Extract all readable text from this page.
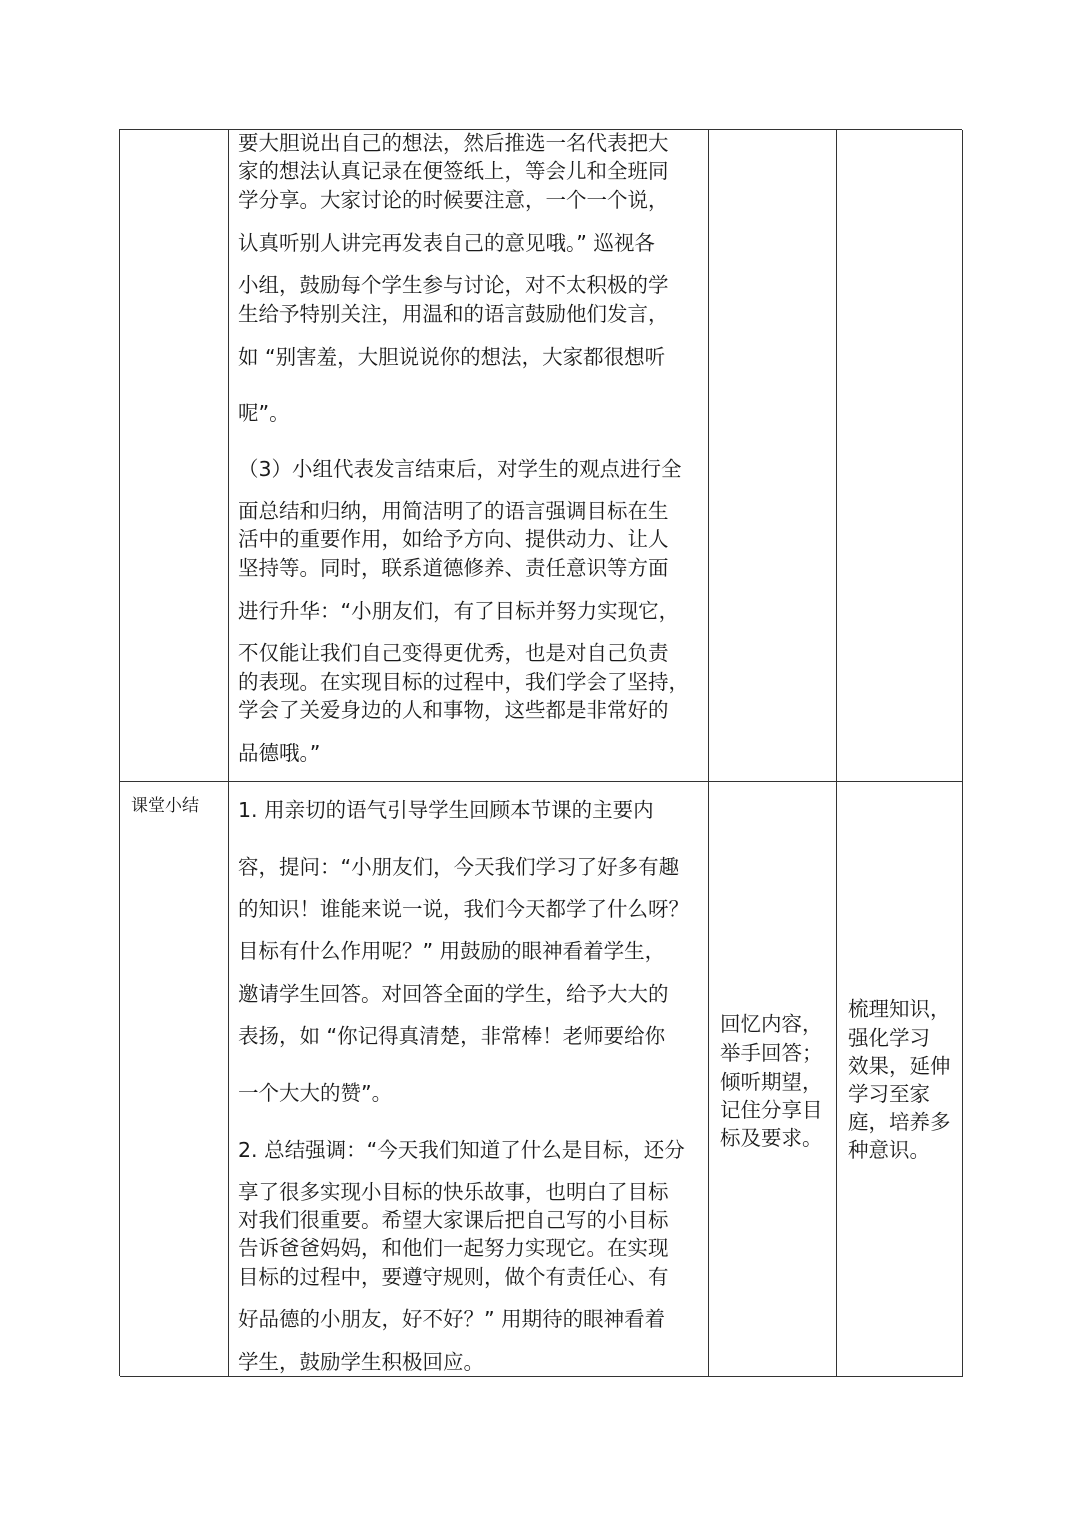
课堂小结
回忆内容，
举手回答；
倾听期望，
记住分享目
标及要求。
梳理知识，
强化学习
效果，延伸
学习至家
庭，培养多
种意识。
要大胆说出自己的想法，然后推选一名代表把大
家的想法认真记录在便签纸上，等会儿和全班同
学分享。大家讨论的时候要注意，一个一个说，
认真听别人讲完再发表自己的意见哦。” 巡视各
小组，鼓励每个学生参与讨论，对不太积极的学
生给予特别关注，用温和的语言鼓励他们发言，
如 “别害羞，大胆说说你的想法，大家都很想听
呢”。
（3）小组代表发言结束后，对学生的观点进行全
面总结和归纳，用简洁明了的语言强调目标在生
活中的重要作用，如给予方向、提供动力、让人
坚持等。同时，联系道德修养、责任意识等方面
进行升华：“小朋友们，有了目标并努力实现它，
不仅能让我们自己变得更优秀，也是对自己负责
的表现。在实现目标的过程中，我们学会了坚持，
学会了关爱身边的人和事物，这些都是非常好的
品德哦。”
1. 用亲切的语气引导学生回顾本节课的主要内
容，提问：“小朋友们，今天我们学习了好多有趣
的知识！谁能来说一说，我们今天都学了什么呀？
目标有什么作用呢？” 用鼓励的眼神看着学生，
邀请学生回答。对回答全面的学生，给予大大的
表扬，如 “你记得真清楚，非常棒！老师要给你
一个大大的赞”。
2. 总结强调：“今天我们知道了什么是目标，还分
享了很多实现小目标的快乐故事，也明白了目标
对我们很重要。希望大家课后把自己写的小目标
告诉爸爸妈妈，和他们一起努力实现它。在实现
目标的过程中，要遵守规则，做个有责任心、有
好品德的小朋友，好不好？” 用期待的眼神看着
学生，鼓励学生积极回应。
